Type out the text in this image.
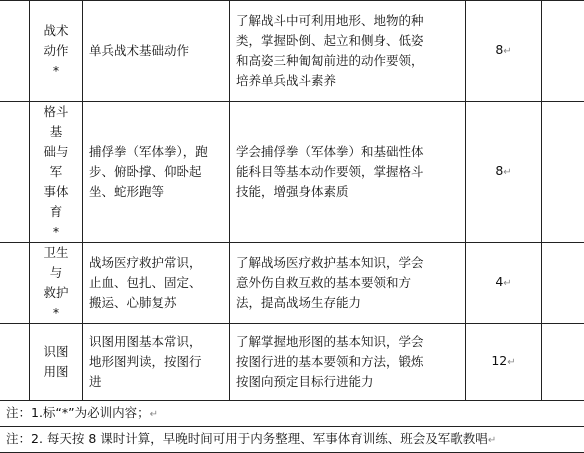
	战术 动作 *	单兵战术基础动作	了解战斗中可利用地形、地物的种
类，掌握卧倒、起立和侧身、低姿
和高姿三种匍匐前进的动作要领，
培养单兵战斗素养	8↵	
	格斗基 础与军 事体育 *	捕俘拳（军体拳），跑
步、俯卧撑、仰卧起
坐、蛇形跑等	学会捕俘拳（军体拳）和基础性体
能科目等基本动作要领，掌握格斗
技能，增强身体素质	8↵	
	卫生与 救护 *	战场医疗救护常识，
止血、包扎、固定、
搬运、心肺复苏	了解战场医疗救护基本知识，学会
意外伤自救互救的基本要领和方
法，提高战场生存能力	4↵	
	识图 用图	识图用图基本常识，
地形图判读，按图行
进	了解掌握地形图的基本知识，学会
按图行进的基本要领和方法，锻炼
按图向预定目标行进能力	12↵	
注：1.标“*”为必训内容；↵					
注：2. 每天按 8 课时计算，早晚时间可用于内务整理、军事体育训练、班会及军歌教唱↵					
